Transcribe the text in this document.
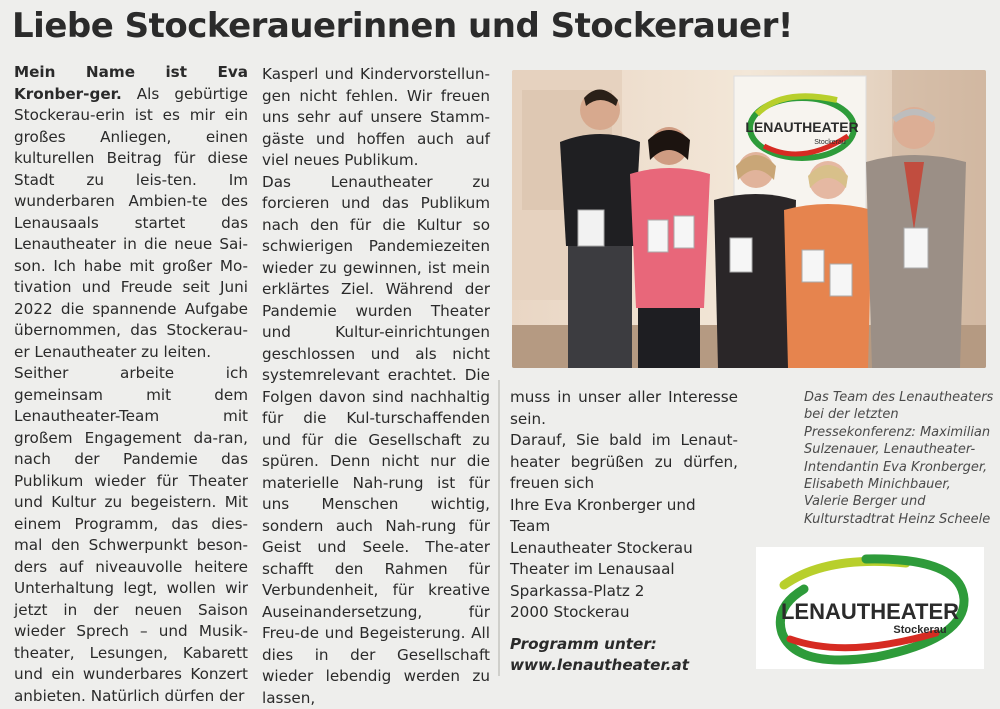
Liebe Stockerauerinnen und Stockerauer!

Mein Name ist Eva Kronber-ger. Als gebürtige Stockerau-erin ist es mir ein großes Anliegen, einen kulturellen Beitrag für diese Stadt zu leis-ten. Im wunderbaren Ambien-te des Lenausaals startet das Lenautheater in die neue Sai-son. Ich habe mit großer Mo-tivation und Freude seit Juni 2022 die spannende Aufgabe übernommen, das Stockerau-er Lenautheater zu leiten.

Seither arbeite ich gemeinsam mit dem Lenautheater-Team mit großem Engagement da-ran, nach der Pandemie das Publikum wieder für Theater und Kultur zu begeistern. Mit einem Programm, das dies-mal den Schwerpunkt beson-ders auf niveauvolle heitere Unterhaltung legt, wollen wir jetzt in der neuen Saison wieder Sprech – und Musik-theater, Lesungen, Kabarett und ein wunderbares Konzert anbieten. Natürlich dürfen der

Kasperl und Kindervorstellun-gen nicht fehlen. Wir freuen uns sehr auf unsere Stamm-gäste und hoffen auch auf viel neues Publikum.

Das Lenautheater zu forcieren und das Publikum nach den für die Kultur so schwierigen Pandemiezeiten wieder zu gewinnen, ist mein erklärtes Ziel. Während der Pandemie wurden Theater und Kultur-einrichtungen geschlossen und als nicht systemrelevant erachtet. Die Folgen davon sind nachhaltig für die Kul-turschaffenden und für die Gesellschaft zu spüren. Denn nicht nur die materielle Nah-rung ist für uns Menschen wichtig, sondern auch Nah-rung für Geist und Seele. The-ater schafft den Rahmen für Verbundenheit, für kreative Auseinandersetzung, für Freu-de und Begeisterung. All dies in der Gesellschaft wieder lebendig werden zu lassen,

LENAUTHEATER
Stockerau

muss in unser aller Interesse sein.

Darauf, Sie bald im Lenaut-heater begrüßen zu dürfen, freuen sich

Ihre Eva Kronberger und Team

Lenautheater Stockerau

Theater im Lenausaal

Sparkassa-Platz 2

2000 Stockerau

Programm unter:

www.lenautheater.at

Das Team des Lenautheaters bei der letzten Pressekonferenz: Maximilian Sulzenauer, Lenautheater-Intendantin Eva Kronberger, Elisabeth Minichbauer, Valerie Berger und Kulturstadtrat Heinz Scheele
LENAUTHEATER
Stockerau
